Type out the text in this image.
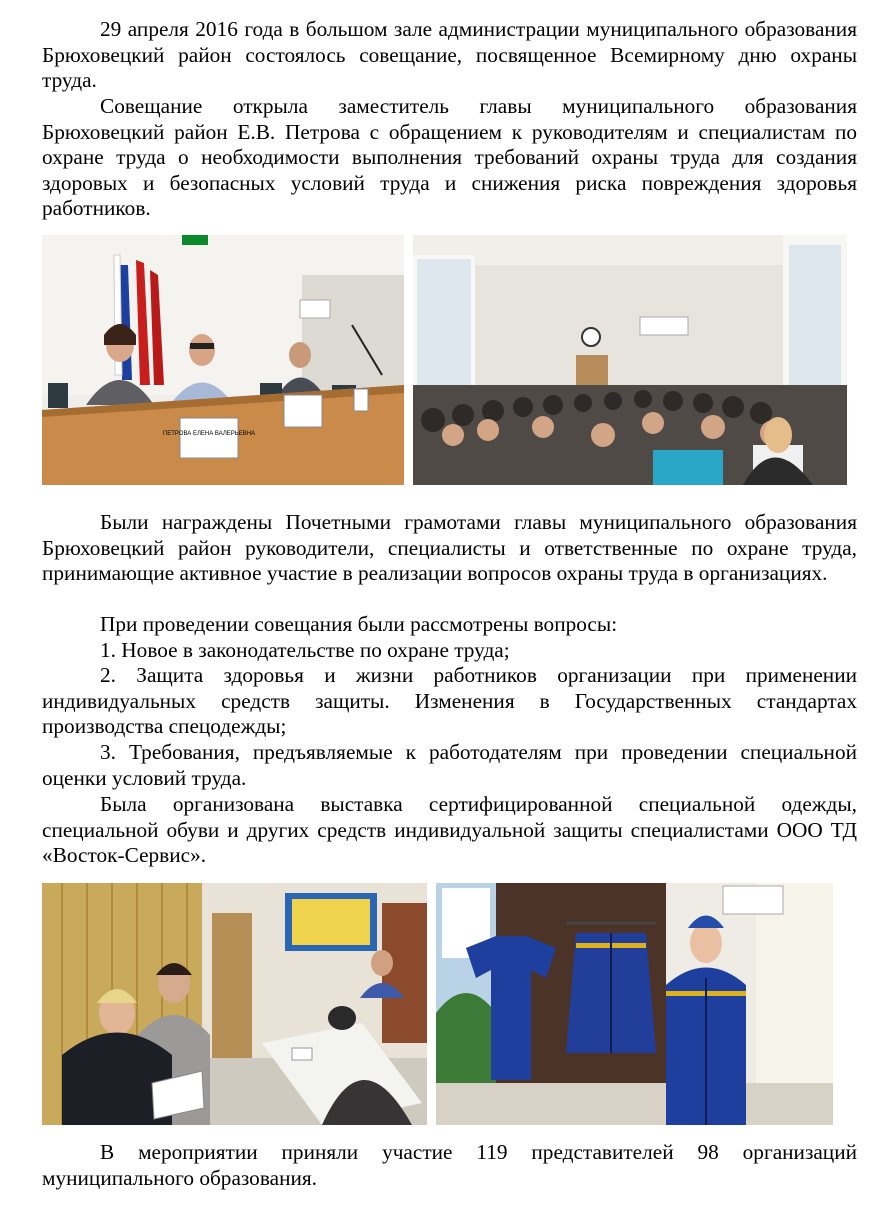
29 апреля 2016 года в большом зале администрации муниципального образования Брюховецкий район состоялось совещание, посвященное Всемирному дню охраны труда.

Совещание открыла заместитель главы муниципального образования Брюховецкий район Е.В. Петрова с обращением к руководителям и специалистам по охране труда о необходимости выполнения требований охраны труда для создания здоровых и безопасных условий труда и снижения риска повреждения здоровья работников.

ПЕТРОВА ЕЛЕНА ВАЛЕРЬЕВНА

Были награждены Почетными грамотами главы муниципального образования Брюховецкий район руководители, специалисты и ответственные по охране труда, принимающие активное участие в реализации вопросов охраны труда в организациях.

При проведении совещания были рассмотрены вопросы:

1. Новое в законодательстве по охране труда;

2. Защита здоровья и жизни работников организации при применении индивидуальных средств защиты. Изменения в Государственных стандартах производства спецодежды;

3. Требования, предъявляемые к работодателям при проведении специальной оценки условий труда.

Была организована выставка сертифицированной специальной одежды, специальной обуви и других средств индивидуальной защиты специалистами ООО ТД «Восток-Сервис».

В мероприятии приняли участие 119 представителей 98 организаций муниципального образования.
